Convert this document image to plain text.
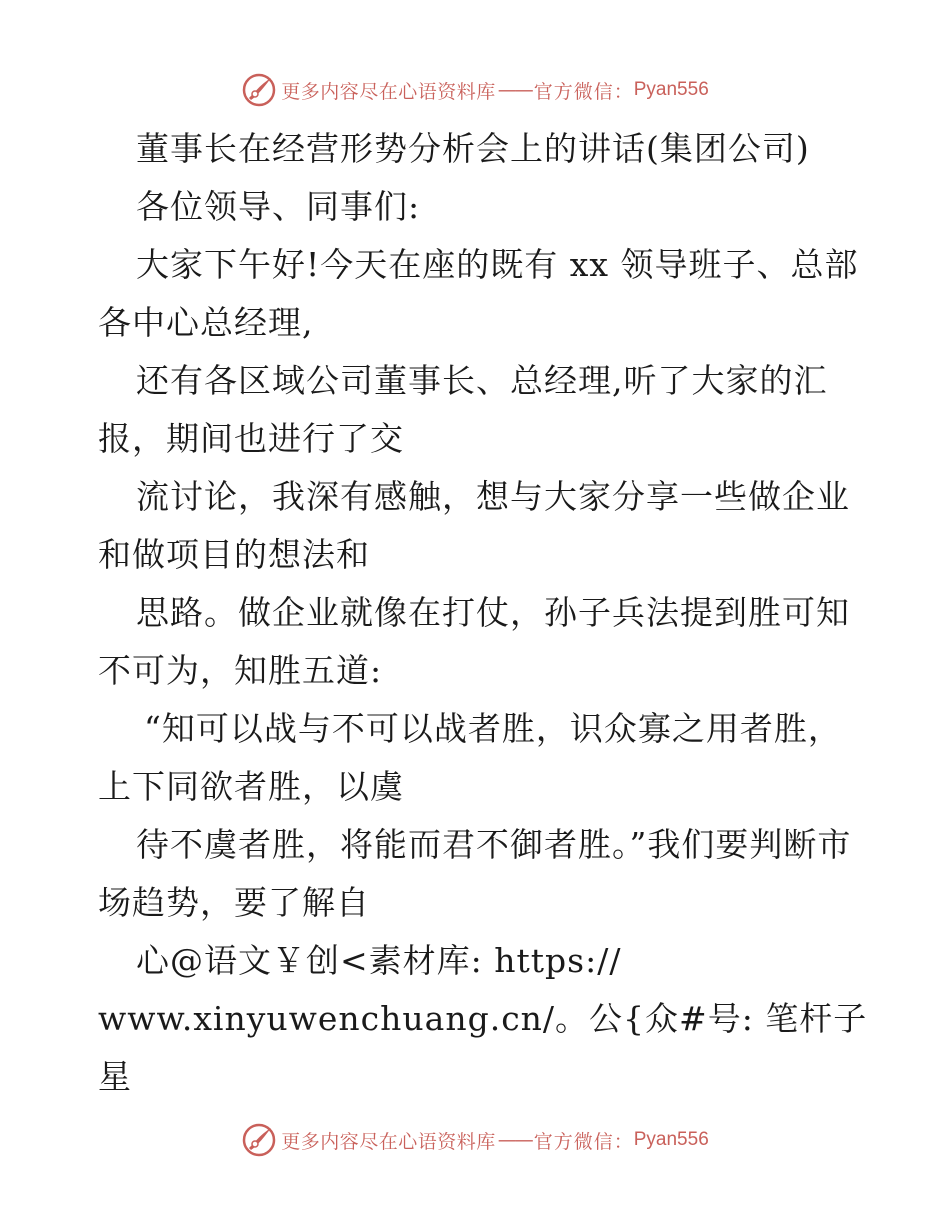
更多内容尽在心语资料库 —— 官方微信： Pyan556

董事长在经营形势分析会上的讲话(集团公司)

各位领导、同事们:

大家下午好!今天在座的既有 xx 领导班子、总部各中心总经理,

还有各区域公司董事长、总经理,听了大家的汇报，期间也进行了交

流讨论，我深有感触，想与大家分享一些做企业和做项目的想法和

思路。做企业就像在打仗，孙子兵法提到胜可知不可为，知胜五道:

“知可以战与不可以战者胜，识众寡之用者胜，上下同欲者胜，以虞

待不虞者胜，将能而君不御者胜。”我们要判断市场趋势，要了解自

心@语文￥创<素材库: https://

www.xinyuwenchuang.cn/。公{众#号: 笔杆子星

更多内容尽在心语资料库 —— 官方微信： Pyan556
